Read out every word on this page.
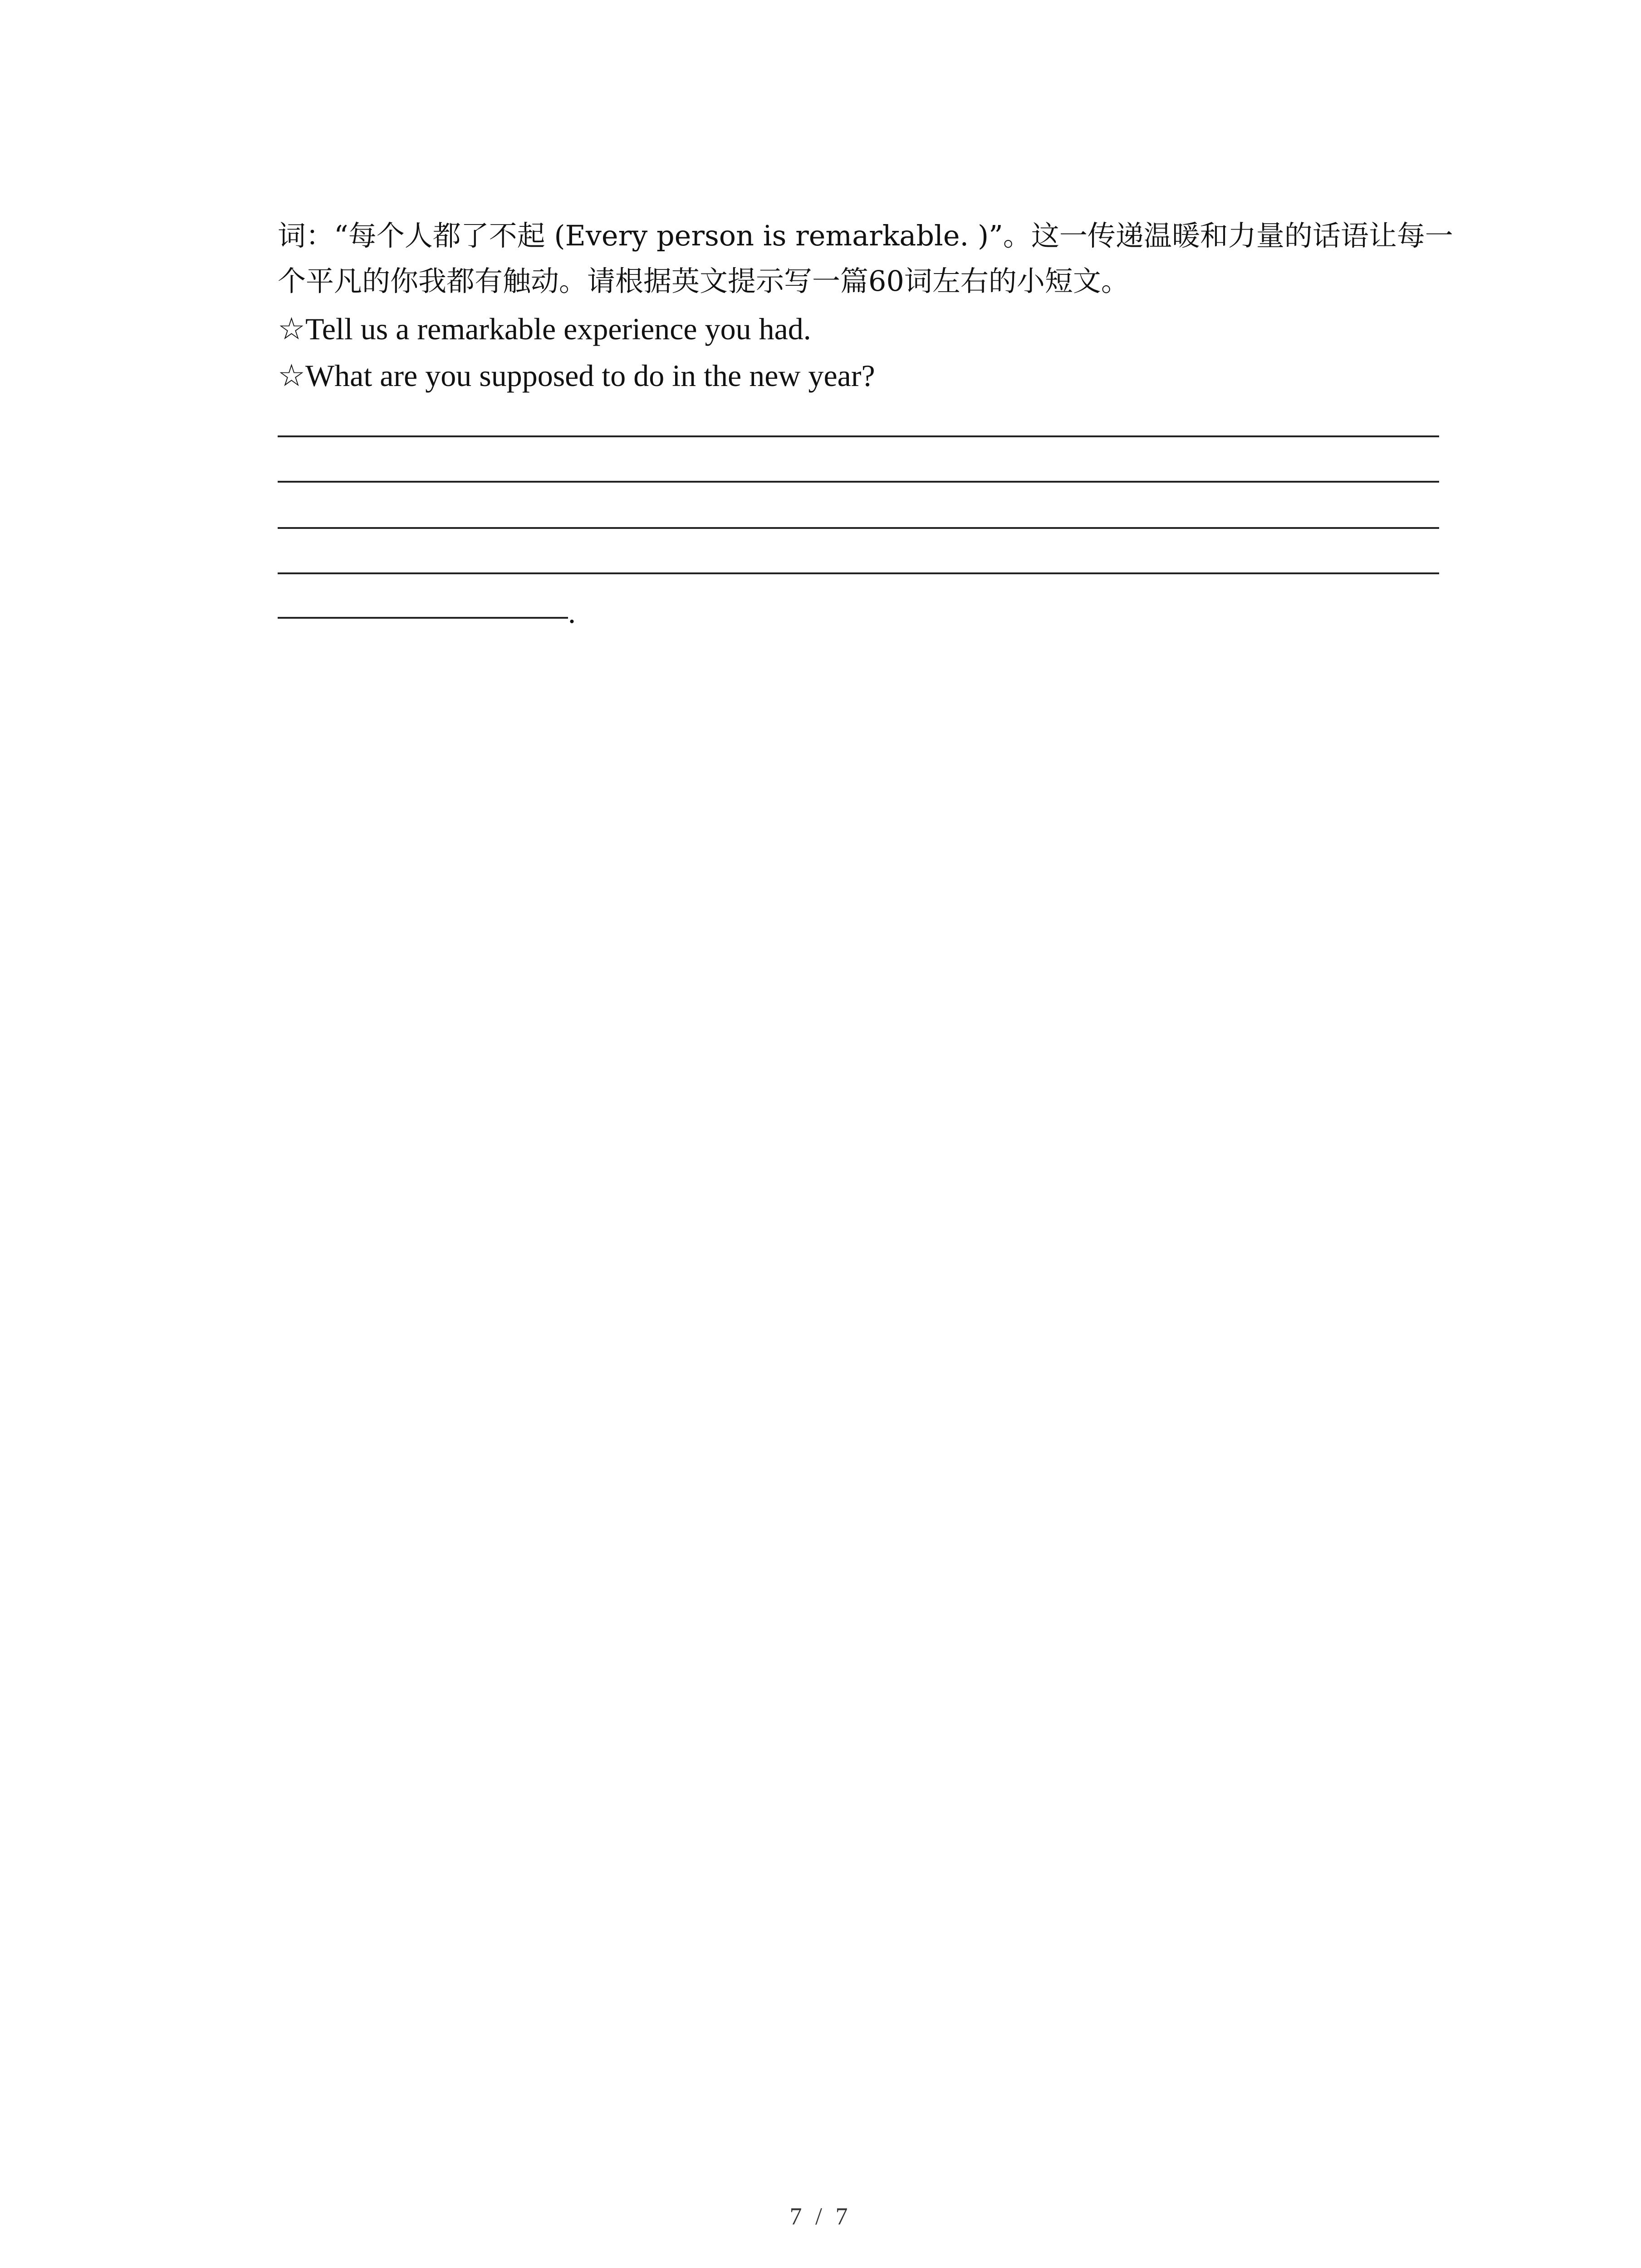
词：“每个人都了不起 (Every person is remarkable. )”。这一传递温暖和力量的话语让每一
个平凡的你我都有触动。请根据英文提示写一篇60词左右的小短文。
☆Tell us a remarkable experience you had.
☆What are you supposed to do in the new year?
.
7 / 7
